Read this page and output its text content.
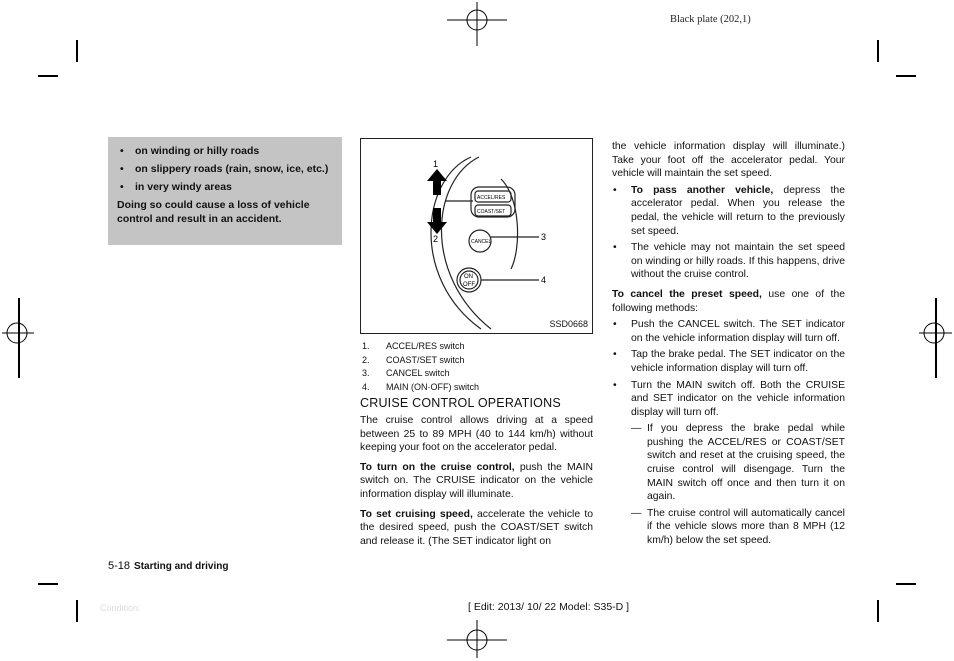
Black plate (202,1)
• on winding or hilly roads
• on slippery roads (rain, snow, ice, etc.)
• in very windy areas

Doing so could cause a loss of vehicle control and result in an accident.

1
2	3
4
ACCEL/RES
COAST/SET
CANCEL
ON
OFF
SSD0668
1.	ACCEL/RES switch
2.	COAST/SET switch
3.	CANCEL switch
4.	MAIN (ON·OFF) switch
CRUISE CONTROL OPERATIONS

The cruise control allows driving at a speed between 25 to 89 MPH (40 to 144 km/h) without keeping your foot on the accelerator pedal.

To turn on the cruise control, push the MAIN switch on. The CRUISE indicator on the vehicle information display will illuminate.

To set cruising speed, accelerate the vehicle to the desired speed, push the COAST/SET switch and release it. (The SET indicator light on

the vehicle information display will illuminate.) Take your foot off the accelerator pedal. Your vehicle will maintain the set speed.

• To pass another vehicle, depress the accelerator pedal. When you release the pedal, the vehicle will return to the previously set speed.
• The vehicle may not maintain the set speed on winding or hilly roads. If this happens, drive without the cruise control.

To cancel the preset speed, use one of the following methods:

• Push the CANCEL switch. The SET indicator on the vehicle information display will turn off.
• Tap the brake pedal. The SET indicator on the vehicle information display will turn off.
• Turn the MAIN switch off. Both the CRUISE and SET indicator on the vehicle information display will turn off.
— If you depress the brake pedal while pushing the ACCEL/RES or COAST/SET switch and reset at the cruising speed, the cruise control will disengage. Turn the MAIN switch off once and then turn it on again.
— The cruise control will automatically cancel if the vehicle slows more than 8 MPH (12 km/h) below the set speed.
5-18 Starting and driving
Condition:	[ Edit: 2013/ 10/ 22 Model: S35-D ]
